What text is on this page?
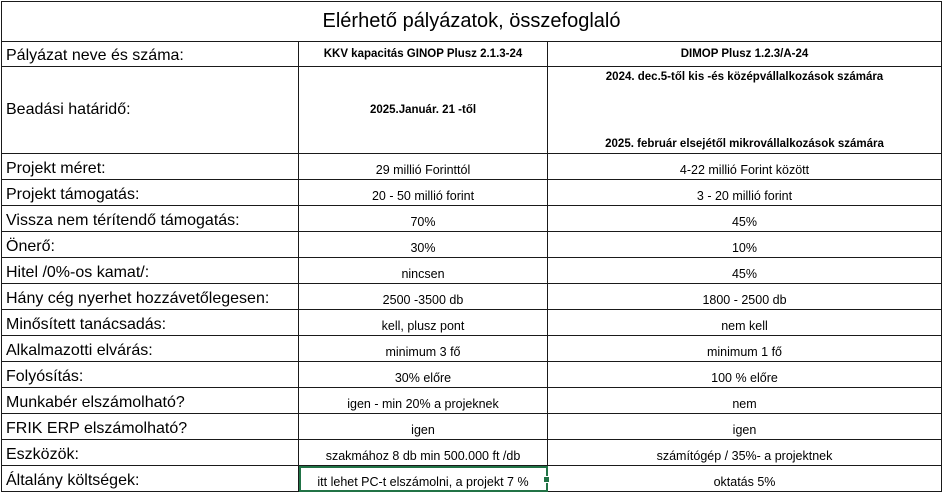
Elérhető pályázatok, összefoglaló		
Pályázat neve és száma:	KKV kapacitás GINOP Plusz 2.1.3-24	DIMOP Plusz 1.2.3/A-24
Beadási határidő:	2025.Január. 21 -től	2024. dec.5-től kis -és középvállalkozások számára
2025. február elsejétől mikrovállalkozások számára

Projekt méret:	29 millió Forinttól	4-22 millió Forint között
Projekt támogatás:	20 - 50 millió forint	3 - 20 millió forint
Vissza nem térítendő támogatás:	70%	45%
Önerő:	30%	10%
Hitel /0%-os kamat/:	nincsen	45%
Hány cég nyerhet hozzávetőlegesen:	2500 -3500 db	1800 - 2500 db
Minősített tanácsadás:	kell, plusz pont	nem kell
Alkalmazotti elvárás:	minimum 3 fő	minimum 1 fő
Folyósítás:	30% előre	100 % előre
Munkabér elszámolható?	igen - min 20% a projeknek	nem
FRIK ERP elszámolható?	igen	igen
Eszközök:	szakmához 8 db min 500.000 ft /db	számítógép / 35%- a projektnek
Általány költségek:	itt lehet PC-t elszámolni, a projekt 7 %	oktatás 5%
